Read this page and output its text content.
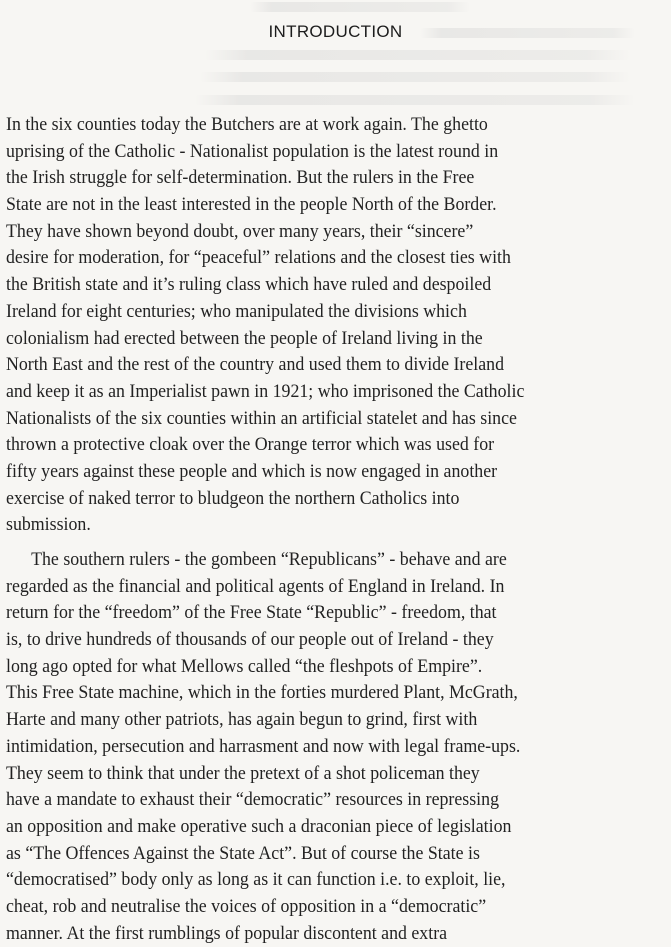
INTRODUCTION
In the six counties today the Butchers are at work again. The ghetto
uprising of the Catholic - Nationalist population is the latest round in
the Irish struggle for self-determination. But the rulers in the Free
State are not in the least interested in the people North of the Border.
They have shown beyond doubt, over many years, their “sincere”
desire for moderation, for “peaceful” relations and the closest ties with
the British state and it’s ruling class which have ruled and despoiled
Ireland for eight centuries; who manipulated the divisions which
colonialism had erected between the people of Ireland living in the
North East and the rest of the country and used them to divide Ireland
and keep it as an Imperialist pawn in 1921; who imprisoned the Catholic
Nationalists of the six counties within an artificial statelet and has since
thrown a protective cloak over the Orange terror which was used for
fifty years against these people and which is now engaged in another
exercise of naked terror to bludgeon the northern Catholics into
submission.
The southern rulers - the gombeen “Republicans” - behave and are
regarded as the financial and political agents of England in Ireland. In
return for the “freedom” of the Free State “Republic” - freedom, that
is, to drive hundreds of thousands of our people out of Ireland - they
long ago opted for what Mellows called “the fleshpots of Empire”.
This Free State machine, which in the forties murdered Plant, McGrath,
Harte and many other patriots, has again begun to grind, first with
intimidation, persecution and harrasment and now with legal frame-ups.
They seem to think that under the pretext of a shot policeman they
have a mandate to exhaust their “democratic” resources in repressing
an opposition and make operative such a draconian piece of legislation
as “The Offences Against the State Act”. But of course the State is
“democratised” body only as long as it can function i.e. to exploit, lie,
cheat, rob and neutralise the voices of opposition in a “democratic”
manner. At the first rumblings of popular discontent and extra
